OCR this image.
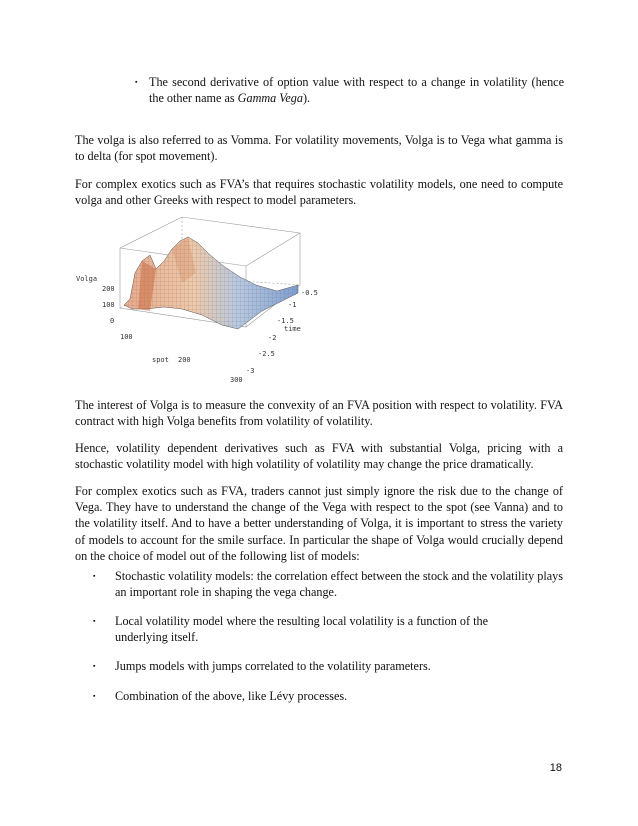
▪ The second derivative of option value with respect to a change in volatility (hence the other name as Gamma Vega).

The volga is also referred to as Vomma. For volatility movements, Volga is to Vega what gamma is to delta (for spot movement).

For complex exotics such as FVA’s that requires stochastic volatility models, one need to compute volga and other Greeks with respect to model parameters.

Volga
200
100
0
100
spot 200
300
-0.5
-1
-1.5
time
-2
-2.5
-3

The interest of Volga is to measure the convexity of an FVA position with respect to volatility. FVA contract with high Volga benefits from volatility of volatility.

Hence, volatility dependent derivatives such as FVA with substantial Volga, pricing with a stochastic volatility model with high volatility of volatility may change the price dramatically.

For complex exotics such as FVA, traders cannot just simply ignore the risk due to the change of Vega. They have to understand the change of the Vega with respect to the spot (see Vanna) and to the volatility itself. And to have a better understanding of Volga, it is important to stress the variety of models to account for the smile surface. In particular the shape of Volga would crucially depend on the choice of model out of the following list of models:

▪	Stochastic volatility models: the correlation effect between the stock and the volatility plays an important role in shaping the vega change.
▪	Local volatility model where the resulting local volatility is a function of the underlying itself.
▪	Jumps models with jumps correlated to the volatility parameters.
▪	Combination of the above, like Lévy processes.
18
